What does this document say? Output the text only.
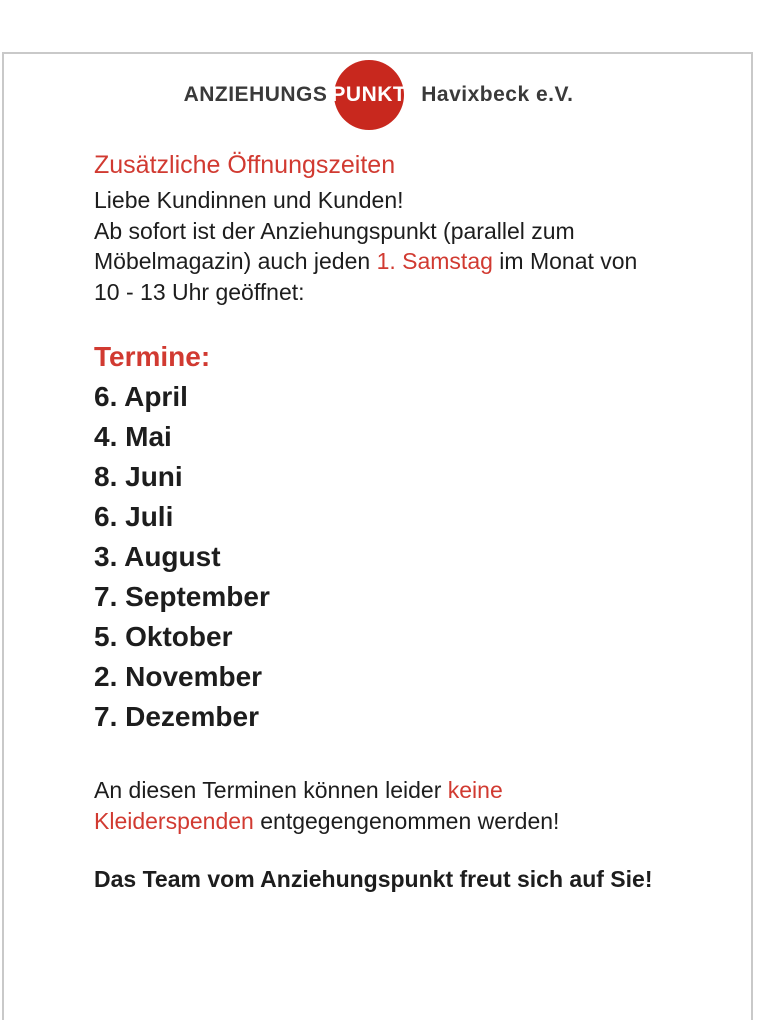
ANZIEHUNGS PUNKT Havixbeck e.V.
Zusätzliche Öffnungszeiten

Liebe Kundinnen und Kunden!
Ab sofort ist der Anziehungspunkt (parallel zum
Möbelmagazin) auch jeden 1. Samstag im Monat von
10 - 13 Uhr geöffnet:

Termine:
6. April
4. Mai
8. Juni
6. Juli
3. August
7. September
5. Oktober
2. November
7. Dezember

An diesen Terminen können leider keine
Kleiderspenden entgegengenommen werden!

Das Team vom Anziehungspunkt freut sich auf Sie!
